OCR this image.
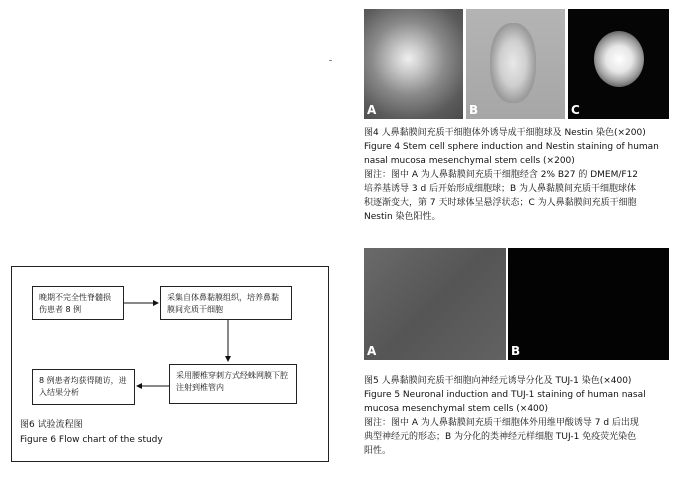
A	B	C
图4 人鼻黏膜间充质干细胞体外诱导成干细胞球及 Nestin 染色(×200)
Figure 4 Stem cell sphere induction and Nestin staining of human
nasal mucosa mesenchymal stem cells (×200)
图注：图中 A 为人鼻黏膜间充质干细胞经含 2% B27 的 DMEM/F12
培养基诱导 3 d 后开始形成细胞球；B 为人鼻黏膜间充质干细胞球体
积逐渐变大，第 7 天时球体呈悬浮状态；C 为人鼻黏膜间充质干细胞
Nestin 染色阳性。
A	B
图5 人鼻黏膜间充质干细胞向神经元诱导分化及 TUJ-1 染色(×400)
Figure 5 Neuronal induction and TUJ-1 staining of human nasal
mucosa mesenchymal stem cells (×400)
图注：图中 A 为人鼻黏膜间充质干细胞体外用维甲酸诱导 7 d 后出现
典型神经元的形态；B 为分化的类神经元样细胞 TUJ-1 免疫荧光染色
阳性。
晚期不完全性脊髓损伤患者 8 例
采集自体鼻黏膜组织，培养鼻黏膜间充质干细胞
采用腰椎穿刺方式经蛛网膜下腔注射到椎管内
8 例患者均获得随访，进入结果分析
图6 试验流程图
Figure 6 Flow chart of the study
